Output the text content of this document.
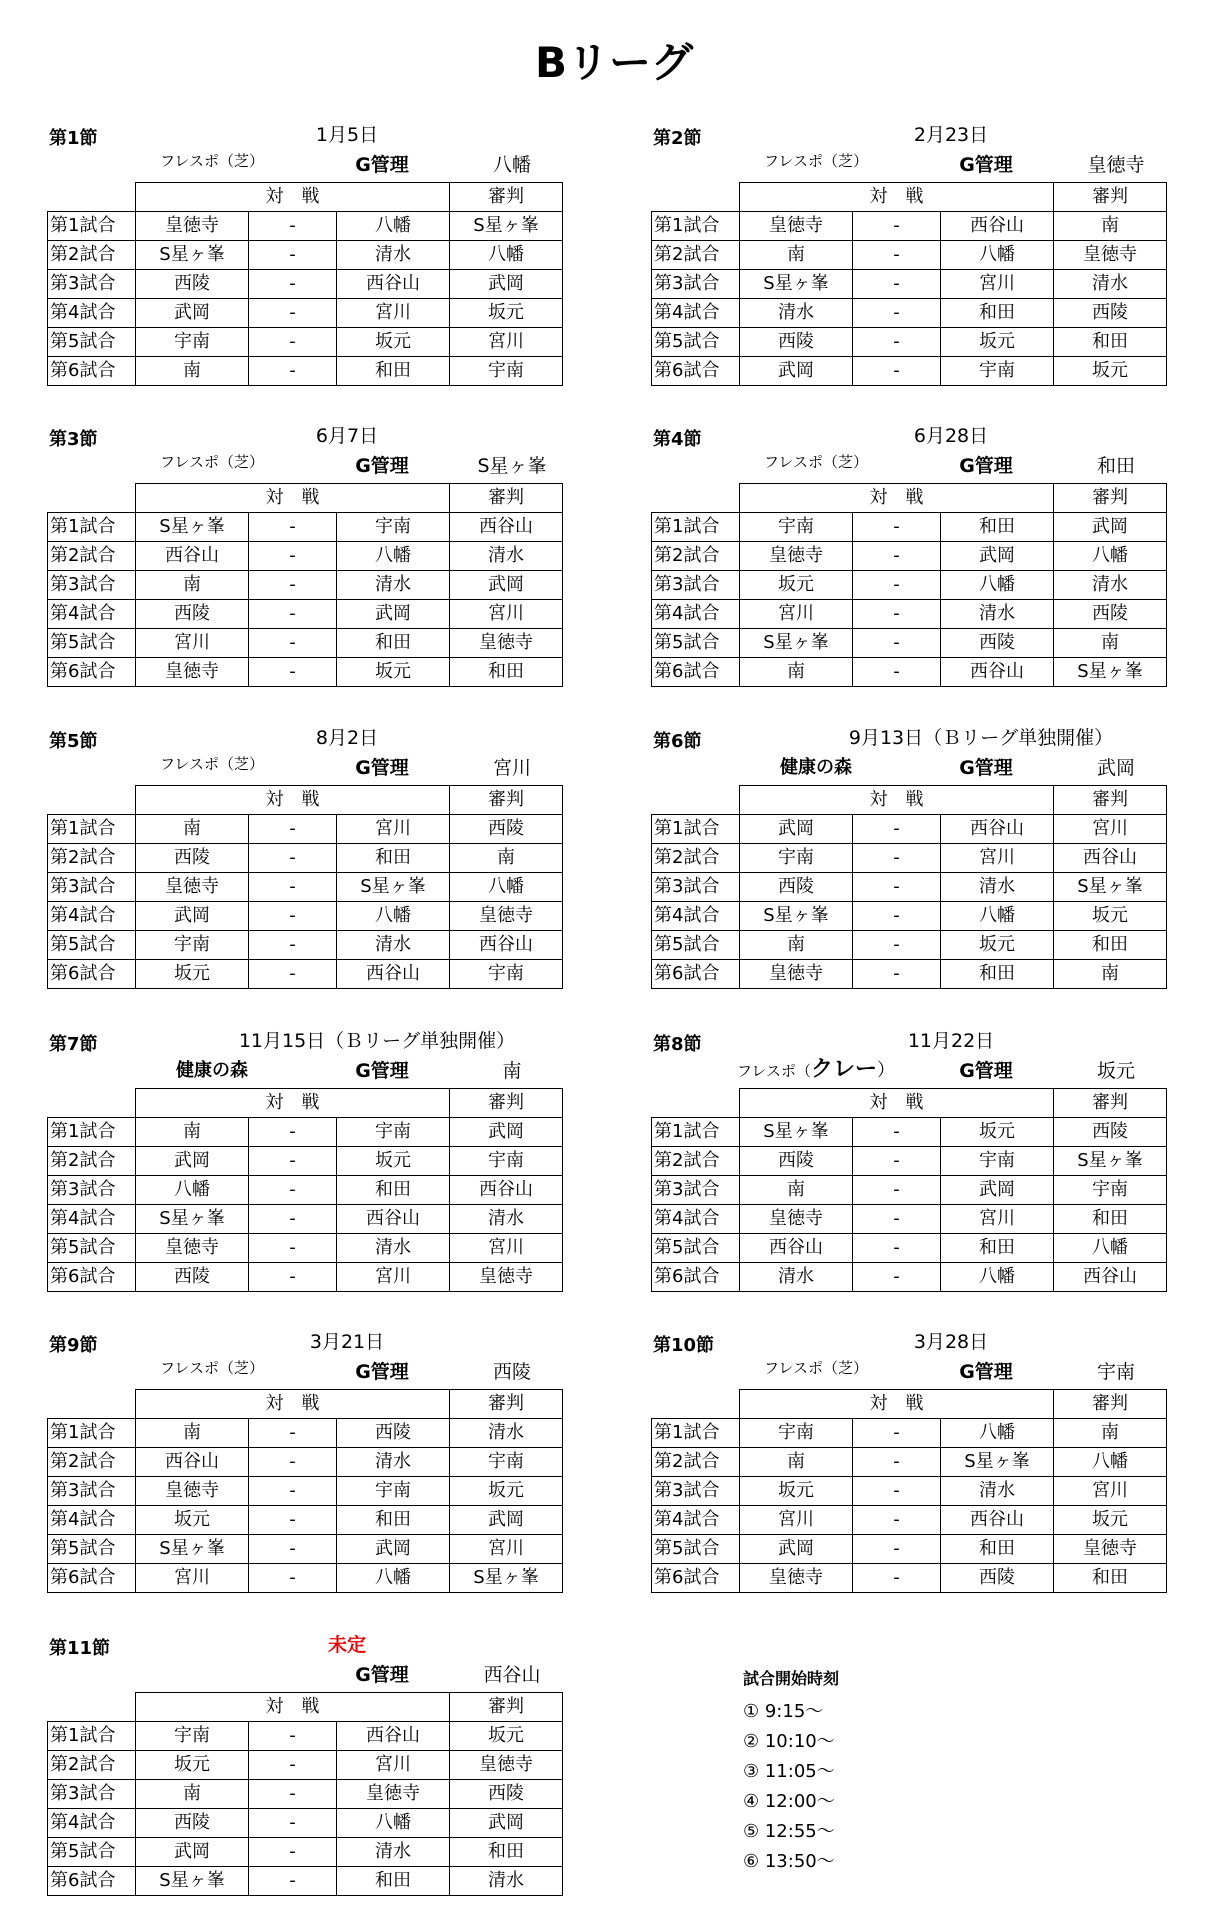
Bリーグ
第1節	1月5日
フレスポ（芝）	G管理	八幡
	対　戦			審判
第1試合	皇徳寺	-	八幡	S星ヶ峯
第2試合	S星ヶ峯	-	清水	八幡
第3試合	西陵	-	西谷山	武岡
第4試合	武岡	-	宮川	坂元
第5試合	宇南	-	坂元	宮川
第6試合	南	-	和田	宇南
第2節	2月23日
フレスポ（芝）	G管理	皇徳寺
	対　戦			審判
第1試合	皇徳寺	-	西谷山	南
第2試合	南	-	八幡	皇徳寺
第3試合	S星ヶ峯	-	宮川	清水
第4試合	清水	-	和田	西陵
第5試合	西陵	-	坂元	和田
第6試合	武岡	-	宇南	坂元
第3節	6月7日
フレスポ（芝）	G管理	S星ヶ峯
	対　戦			審判
第1試合	S星ヶ峯	-	宇南	西谷山
第2試合	西谷山	-	八幡	清水
第3試合	南	-	清水	武岡
第4試合	西陵	-	武岡	宮川
第5試合	宮川	-	和田	皇徳寺
第6試合	皇徳寺	-	坂元	和田
第4節	6月28日
フレスポ（芝）	G管理	和田
	対　戦			審判
第1試合	宇南	-	和田	武岡
第2試合	皇徳寺	-	武岡	八幡
第3試合	坂元	-	八幡	清水
第4試合	宮川	-	清水	西陵
第5試合	S星ヶ峯	-	西陵	南
第6試合	南	-	西谷山	S星ヶ峯
第5節	8月2日
フレスポ（芝）	G管理	宮川
	対　戦			審判
第1試合	南	-	宮川	西陵
第2試合	西陵	-	和田	南
第3試合	皇徳寺	-	S星ヶ峯	八幡
第4試合	武岡	-	八幡	皇徳寺
第5試合	宇南	-	清水	西谷山
第6試合	坂元	-	西谷山	宇南
第6節	9月13日（Ｂリーグ単独開催）
健康の森	G管理	武岡
	対　戦			審判
第1試合	武岡	-	西谷山	宮川
第2試合	宇南	-	宮川	西谷山
第3試合	西陵	-	清水	S星ヶ峯
第4試合	S星ヶ峯	-	八幡	坂元
第5試合	南	-	坂元	和田
第6試合	皇徳寺	-	和田	南
第7節	11月15日（Ｂリーグ単独開催）
健康の森	G管理	南
	対　戦			審判
第1試合	南	-	宇南	武岡
第2試合	武岡	-	坂元	宇南
第3試合	八幡	-	和田	西谷山
第4試合	S星ヶ峯	-	西谷山	清水
第5試合	皇徳寺	-	清水	宮川
第6試合	西陵	-	宮川	皇徳寺
第8節	11月22日
フレスポ（クレー）	G管理	坂元
	対　戦			審判
第1試合	S星ヶ峯	-	坂元	西陵
第2試合	西陵	-	宇南	S星ヶ峯
第3試合	南	-	武岡	宇南
第4試合	皇徳寺	-	宮川	和田
第5試合	西谷山	-	和田	八幡
第6試合	清水	-	八幡	西谷山
第9節	3月21日
フレスポ（芝）	G管理	西陵
	対　戦			審判
第1試合	南	-	西陵	清水
第2試合	西谷山	-	清水	宇南
第3試合	皇徳寺	-	宇南	坂元
第4試合	坂元	-	和田	武岡
第5試合	S星ヶ峯	-	武岡	宮川
第6試合	宮川	-	八幡	S星ヶ峯
第10節	3月28日
フレスポ（芝）	G管理	宇南
	対　戦			審判
第1試合	宇南	-	八幡	南
第2試合	南	-	S星ヶ峯	八幡
第3試合	坂元	-	清水	宮川
第4試合	宮川	-	西谷山	坂元
第5試合	武岡	-	和田	皇徳寺
第6試合	皇徳寺	-	西陵	和田
第11節	未定
G管理	西谷山
	対　戦			審判
第1試合	宇南	-	西谷山	坂元
第2試合	坂元	-	宮川	皇徳寺
第3試合	南	-	皇徳寺	西陵
第4試合	西陵	-	八幡	武岡
第5試合	武岡	-	清水	和田
第6試合	S星ヶ峯	-	和田	清水
試合開始時刻
① 9:15～
② 10:10～
③ 11:05～
④ 12:00～
⑤ 12:55～
⑥ 13:50～
